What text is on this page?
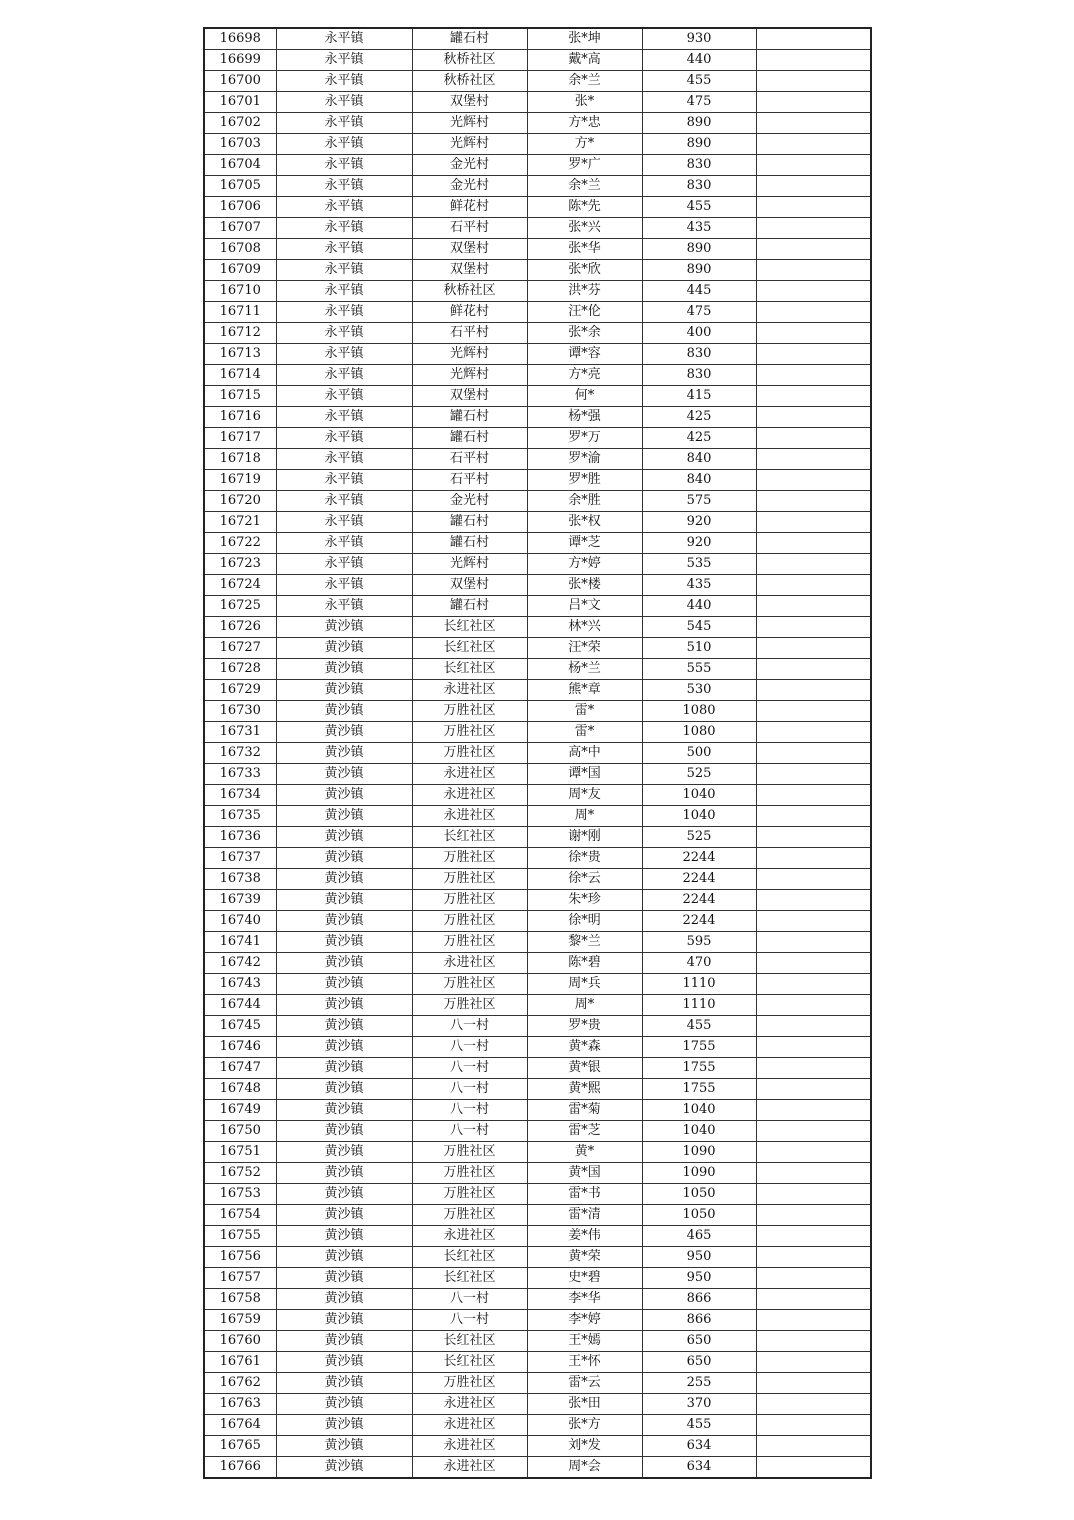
16698	永平镇	罐石村	张*坤	930	
16699	永平镇	秋桥社区	戴*高	440	
16700	永平镇	秋桥社区	余*兰	455	
16701	永平镇	双堡村	张*	475	
16702	永平镇	光辉村	方*忠	890	
16703	永平镇	光辉村	方*	890	
16704	永平镇	金光村	罗*广	830	
16705	永平镇	金光村	余*兰	830	
16706	永平镇	鲜花村	陈*先	455	
16707	永平镇	石平村	张*兴	435	
16708	永平镇	双堡村	张*华	890	
16709	永平镇	双堡村	张*欣	890	
16710	永平镇	秋桥社区	洪*芬	445	
16711	永平镇	鲜花村	汪*伦	475	
16712	永平镇	石平村	张*余	400	
16713	永平镇	光辉村	谭*容	830	
16714	永平镇	光辉村	方*亮	830	
16715	永平镇	双堡村	何*	415	
16716	永平镇	罐石村	杨*强	425	
16717	永平镇	罐石村	罗*万	425	
16718	永平镇	石平村	罗*渝	840	
16719	永平镇	石平村	罗*胜	840	
16720	永平镇	金光村	余*胜	575	
16721	永平镇	罐石村	张*权	920	
16722	永平镇	罐石村	谭*芝	920	
16723	永平镇	光辉村	方*婷	535	
16724	永平镇	双堡村	张*楼	435	
16725	永平镇	罐石村	吕*文	440	
16726	黄沙镇	长红社区	林*兴	545	
16727	黄沙镇	长红社区	汪*荣	510	
16728	黄沙镇	长红社区	杨*兰	555	
16729	黄沙镇	永进社区	熊*章	530	
16730	黄沙镇	万胜社区	雷*	1080	
16731	黄沙镇	万胜社区	雷*	1080	
16732	黄沙镇	万胜社区	高*中	500	
16733	黄沙镇	永进社区	谭*国	525	
16734	黄沙镇	永进社区	周*友	1040	
16735	黄沙镇	永进社区	周*	1040	
16736	黄沙镇	长红社区	谢*刚	525	
16737	黄沙镇	万胜社区	徐*贵	2244	
16738	黄沙镇	万胜社区	徐*云	2244	
16739	黄沙镇	万胜社区	朱*珍	2244	
16740	黄沙镇	万胜社区	徐*明	2244	
16741	黄沙镇	万胜社区	黎*兰	595	
16742	黄沙镇	永进社区	陈*碧	470	
16743	黄沙镇	万胜社区	周*兵	1110	
16744	黄沙镇	万胜社区	周*	1110	
16745	黄沙镇	八一村	罗*贵	455	
16746	黄沙镇	八一村	黄*森	1755	
16747	黄沙镇	八一村	黄*银	1755	
16748	黄沙镇	八一村	黄*熙	1755	
16749	黄沙镇	八一村	雷*菊	1040	
16750	黄沙镇	八一村	雷*芝	1040	
16751	黄沙镇	万胜社区	黄*	1090	
16752	黄沙镇	万胜社区	黄*国	1090	
16753	黄沙镇	万胜社区	雷*书	1050	
16754	黄沙镇	万胜社区	雷*清	1050	
16755	黄沙镇	永进社区	姜*伟	465	
16756	黄沙镇	长红社区	黄*荣	950	
16757	黄沙镇	长红社区	史*碧	950	
16758	黄沙镇	八一村	李*华	866	
16759	黄沙镇	八一村	李*婷	866	
16760	黄沙镇	长红社区	王*嫣	650	
16761	黄沙镇	长红社区	王*怀	650	
16762	黄沙镇	万胜社区	雷*云	255	
16763	黄沙镇	永进社区	张*田	370	
16764	黄沙镇	永进社区	张*方	455	
16765	黄沙镇	永进社区	刘*发	634	
16766	黄沙镇	永进社区	周*会	634	
